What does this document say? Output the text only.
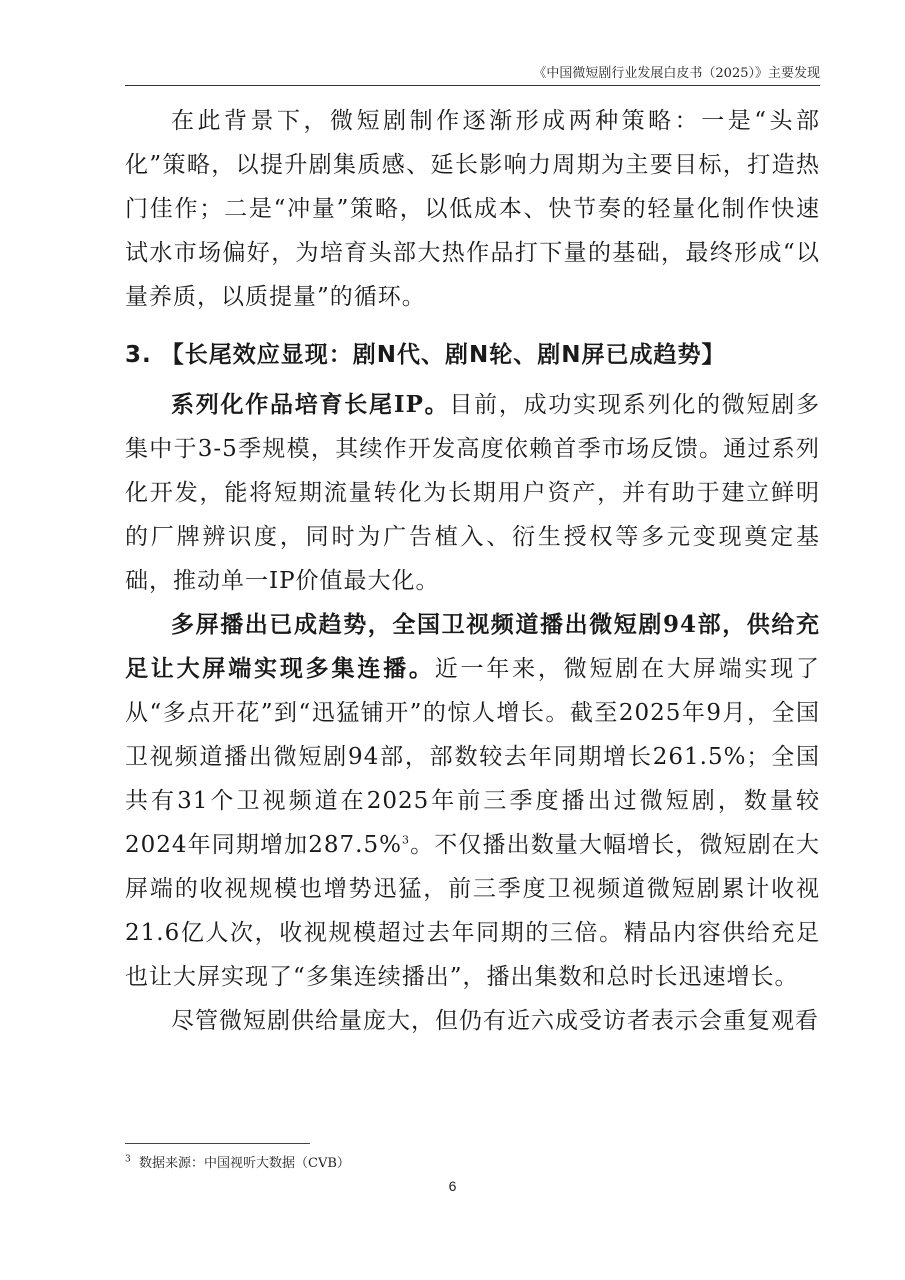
《中国微短剧行业发展白皮书（2025）》主要发现

在此背景下，微短剧制作逐渐形成两种策略：一是“头部化”策略，以提升剧集质感、延长影响力周期为主要目标，打造热门佳作；二是“冲量”策略，以低成本、快节奏的轻量化制作快速试水市场偏好，为培育头部大热作品打下量的基础，最终形成“以量养质，以质提量”的循环。

3. 【长尾效应显现：剧N代、剧N轮、剧N屏已成趋势】

系列化作品培育长尾IP。目前，成功实现系列化的微短剧多集中于3-5季规模，其续作开发高度依赖首季市场反馈。通过系列化开发，能将短期流量转化为长期用户资产，并有助于建立鲜明的厂牌辨识度，同时为广告植入、衍生授权等多元变现奠定基础，推动单一IP价值最大化。

多屏播出已成趋势，全国卫视频道播出微短剧94部，供给充足让大屏端实现多集连播。近一年来，微短剧在大屏端实现了从“多点开花”到“迅猛铺开”的惊人增长。截至2025年9月，全国卫视频道播出微短剧94部，部数较去年同期增长261.5%；全国共有31个卫视频道在2025年前三季度播出过微短剧，数量较2024年同期增加287.5%$^3$。不仅播出数量大幅增长，微短剧在大屏端的收视规模也增势迅猛，前三季度卫视频道微短剧累计收视21.6亿人次，收视规模超过去年同期的三倍。精品内容供给充足也让大屏实现了“多集连续播出”，播出集数和总时长迅速增长。

尽管微短剧供给量庞大，但仍有近六成受访者表示会重复观看

$^3$ 数据来源：中国视听大数据（CVB）
6
